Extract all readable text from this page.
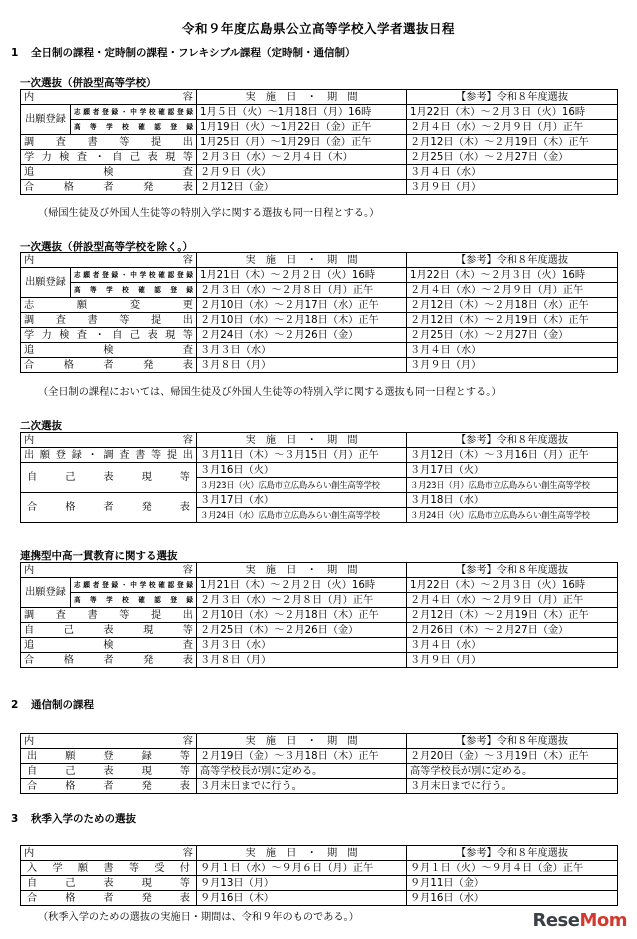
令和９年度広島県公立高等学校入学者選抜日程
1 全日制の課程・定時制の課程・フレキシブル課程（定時制・通信制）
一次選抜（併設型高等学校）
内　　　　　容		実　施　日　・　期　間	【参考】令和８年度選抜
出願登録	志願者登録・中学校確認登録	1月５日（火）～1月18日（月）16時	1月22日（木）～２月３日（火）16時
	高等学校確認登録	1月19日（火）～1月22日（金）正午	２月４日（水）～２月９日（月）正午
調査書等提出		1月25日（月）～1月29日（金）正午	２月12日（木）～２月19日（木）正午
学力検査・自己表現等		２月３日（水）～２月４日（木）	２月25日（水）～２月27日（金）
追検査		２月９日（火）	３月４日（水）
合格者発表		２月12日（金）	３月９日（月）
（帰国生徒及び外国人生徒等の特別入学に関する選抜も同一日程とする。）
一次選抜（併設型高等学校を除く。）
内　　　　　容		実　施　日　・　期　間	【参考】令和８年度選抜
出願登録	志願者登録・中学校確認登録	1月21日（木）～２月２日（火）16時	1月22日（木）～２月３日（火）16時
	高等学校確認登録	２月３日（水）～２月８日（月）正午	２月４日（水）～２月９日（月）正午
志願変更		２月10日（水）～２月17日（水）正午	２月12日（木）～２月18日（水）正午
調査書等提出		２月10日（水）～２月18日（木）正午	２月12日（木）～２月19日（木）正午
学力検査・自己表現等		２月24日（水）～２月26日（金）	２月25日（水）～２月27日（金）
追検査		３月３日（水）	３月４日（水）
合格者発表		３月８日（月）	３月９日（月）
（全日制の課程においては、帰国生徒及び外国人生徒等の特別入学に関する選抜も同一日程とする。）
二次選抜
内　　　　　容	実　施　日　・　期　間	【参考】令和８年度選抜
出願登録・調査書等提出	３月11日（木）～３月15日（月）正午	３月12日（木）～３月16日（月）正午
自己表現等	３月16日（火）	３月17日（火）
	３月23日（火）広島市立広島みらい創生高等学校	３月23日（月）広島市立広島みらい創生高等学校
合格者発表	３月17日（水）	３月18日（水）
	３月24日（水）広島市立広島みらい創生高等学校	３月24日（火）広島市立広島みらい創生高等学校
連携型中高一貫教育に関する選抜
内　　　　　容		実　施　日　・　期　間	【参考】令和８年度選抜
出願登録	志願者登録・中学校確認登録	1月21日（木）～２月２日（火）16時	1月22日（木）～２月３日（火）16時
	高等学校確認登録	２月３日（水）～２月８日（月）正午	２月４日（水）～２月９日（月）正午
調査書等提出		２月10日（水）～２月18日（木）正午	２月12日（木）～２月19日（木）正午
自己表現等		２月25日（木）～２月26日（金）	２月26日（木）～２月27日（金）
追検査		３月３日（水）	３月４日（水）
合格者発表		３月８日（月）	３月９日（月）
2 通信制の課程
内　　　　　容	実　施　日　・　期　間	【参考】令和８年度選抜
出願登録等	２月19日（金）～３月18日（木）正午	２月20日（金）～３月19日（木）正午
自己表現等	高等学校長が別に定める。	高等学校長が別に定める。
合格者発表	３月末日までに行う。	３月末日までに行う。
3 秋季入学のための選抜
内　　　　　容	実　施　日　・　期　間	【参考】令和８年度選抜
入学願書等受付	９月１日（水）～９月６日（月）正午	９月１日（火）～９月４日（金）正午
自己表現等	９月13日（月）	９月11日（金）
合格者発表	９月16日（木）	９月16日（水）
（秋季入学のための選抜の実施日・期間は、令和９年のものである。）	ReseMom
